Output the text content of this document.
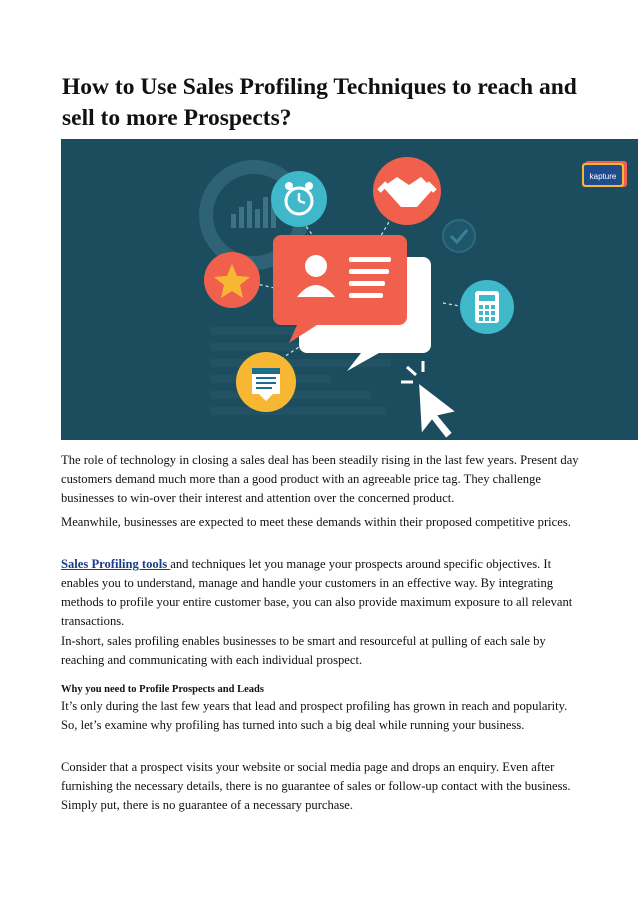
How to Use Sales Profiling Techniques to reach and sell to more Prospects?
kapture

The role of technology in closing a sales deal has been steadily rising in the last few years. Present day customers demand much more than a good product with an agreeable price tag. They challenge businesses to win-over their interest and attention over the concerned product.

Meanwhile, businesses are expected to meet these demands within their proposed competitive prices.

Sales Profiling tools and techniques let you manage your prospects around specific objectives. It enables you to understand, manage and handle your customers in an effective way. By integrating methods to profile your entire customer base, you can also provide maximum exposure to all relevant transactions.

In-short, sales profiling enables businesses to be smart and resourceful at pulling of each sale by reaching and communicating with each individual prospect.

Why you need to Profile Prospects and Leads

It’s only during the last few years that lead and prospect profiling has grown in reach and popularity. So, let’s examine why profiling has turned into such a big deal while running your business.

Consider that a prospect visits your website or social media page and drops an enquiry. Even after furnishing the necessary details, there is no guarantee of sales or follow-up contact with the business. Simply put, there is no guarantee of a necessary purchase.
